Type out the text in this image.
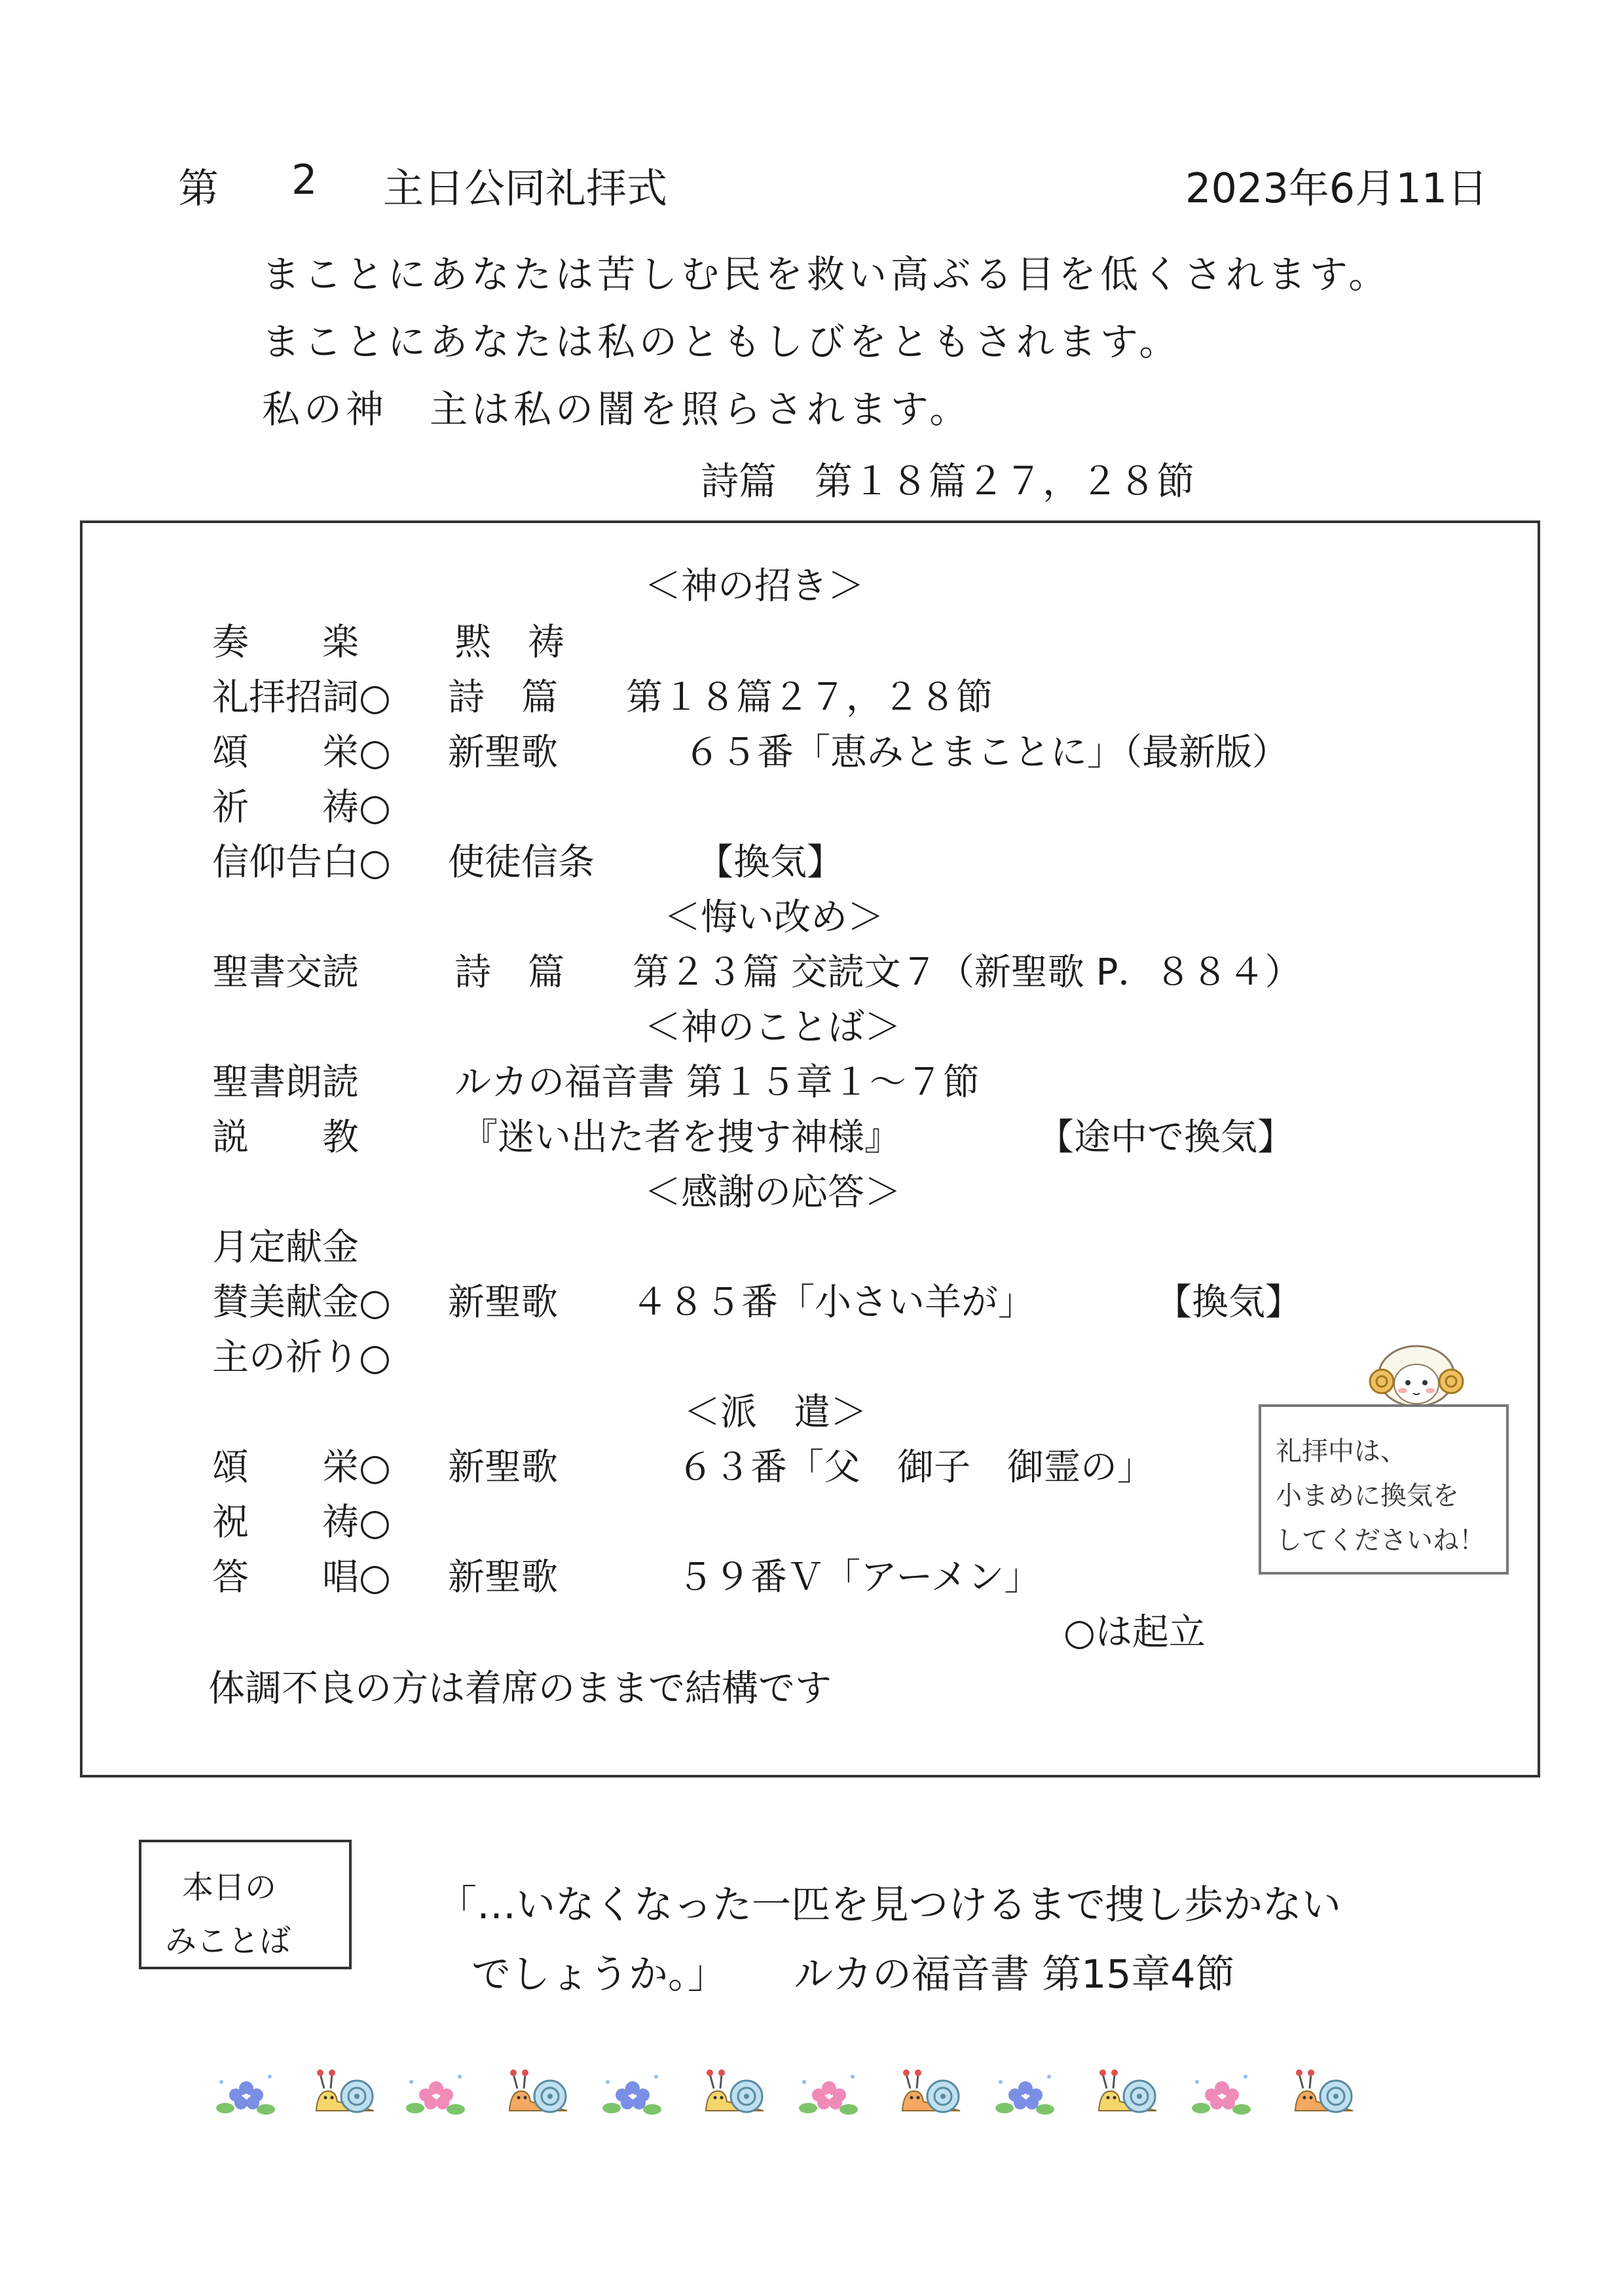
第 2 主日公同礼拝式	2023年6月11日
まことにあなたは苦しむ民を救い高ぶる目を低くされます。
まことにあなたは私のともしびをともされます。
私の神　主は私の闇を照らされます。
詩篇　第１８篇２７，２８節
＜神の招き＞
奏　　楽	黙　祷
礼拝招詞○ 詩　篇 第１８篇２７，２８節
頌　　栄○ 新聖歌	６５番「恵みとまことに」（最新版）
祈　　祷○
信仰告白○ 使徒信条	【換気】
＜悔い改め＞
聖書交読	詩　篇 第２３篇 交読文７（新聖歌 P．８８４）
＜神のことば＞
聖書朗読	ルカの福音書 第１５章１～７節
説　　教	『迷い出た者を捜す神様』	【途中で換気】
＜感謝の応答＞
月定献金
賛美献金○ 新聖歌 ４８５番「小さい羊が」	【換気】
主の祈り○
＜派　遣＞
頌　　栄○ 新聖歌	６３番「父　御子　御霊の」
祝　　祷○
答　　唱○ 新聖歌	５９番Ｖ「アーメン」
○は起立
体調不良の方は着席のままで結構です
礼拝中は、
小まめに換気を
してくださいね！
本日の
みことば
「…いなくなった一匹を見つけるまで捜し歩かない
でしょうか。」 ルカの福音書 第15章4節
